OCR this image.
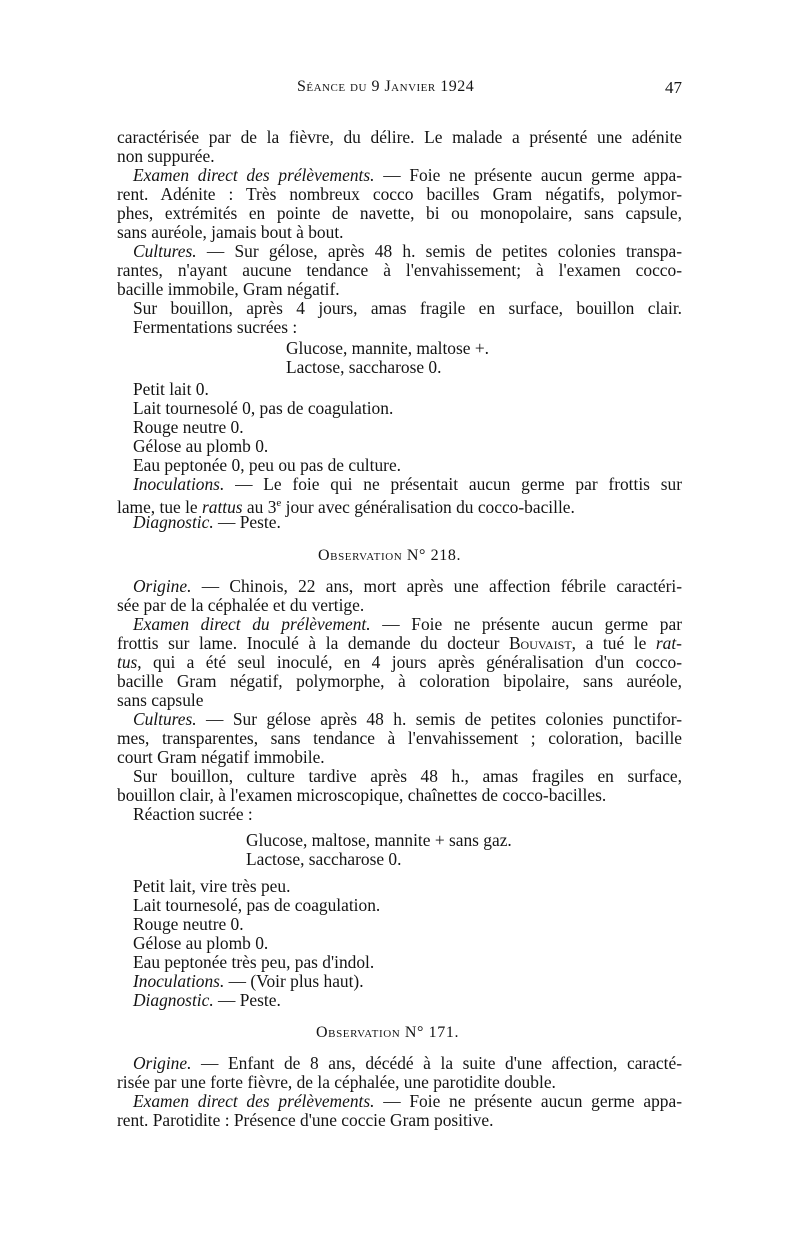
Séance du 9 Janvier 1924	47
caractérisée par de la fièvre, du délire. Le malade a présenté une adénite
non suppurée.
Examen direct des prélèvements. — Foie ne présente aucun germe appa-
rent. Adénite : Très nombreux cocco bacilles Gram négatifs, polymor-
phes, extrémités en pointe de navette, bi ou monopolaire, sans capsule,
sans auréole, jamais bout à bout.
Cultures. — Sur gélose, après 48 h. semis de petites colonies transpa-
rantes, n'ayant aucune tendance à l'envahissement; à l'examen cocco-
bacille immobile, Gram négatif.
Sur bouillon, après 4 jours, amas fragile en surface, bouillon clair.
Fermentations sucrées :
Glucose, mannite, maltose +.
Lactose, saccharose 0.
Petit lait 0.
Lait tournesolé 0, pas de coagulation.
Rouge neutre 0.
Gélose au plomb 0.
Eau peptonée 0, peu ou pas de culture.
Inoculations. — Le foie qui ne présentait aucun germe par frottis sur
lame, tue le rattus au 3e jour avec généralisation du cocco-bacille.
Diagnostic. — Peste.
Observation N° 218.
Origine. — Chinois, 22 ans, mort après une affection fébrile caractéri-
sée par de la céphalée et du vertige.
Examen direct du prélèvement. — Foie ne présente aucun germe par
frottis sur lame. Inoculé à la demande du docteur Bouvaist, a tué le rat-
tus, qui a été seul inoculé, en 4 jours après généralisation d'un cocco-
bacille Gram négatif, polymorphe, à coloration bipolaire, sans auréole,
sans capsule
Cultures. — Sur gélose après 48 h. semis de petites colonies punctifor-
mes, transparentes, sans tendance à l'envahissement ; coloration, bacille
court Gram négatif immobile.
Sur bouillon, culture tardive après 48 h., amas fragiles en surface,
bouillon clair, à l'examen microscopique, chaînettes de cocco-bacilles.
Réaction sucrée :
Glucose, maltose, mannite + sans gaz.
Lactose, saccharose 0.
Petit lait, vire très peu.
Lait tournesolé, pas de coagulation.
Rouge neutre 0.
Gélose au plomb 0.
Eau peptonée très peu, pas d'indol.
Inoculations. — (Voir plus haut).
Diagnostic. — Peste.
Observation N° 171.
Origine. — Enfant de 8 ans, décédé à la suite d'une affection, caracté-
risée par une forte fièvre, de la céphalée, une parotidite double.
Examen direct des prélèvements. — Foie ne présente aucun germe appa-
rent. Parotidite : Présence d'une coccie Gram positive.
